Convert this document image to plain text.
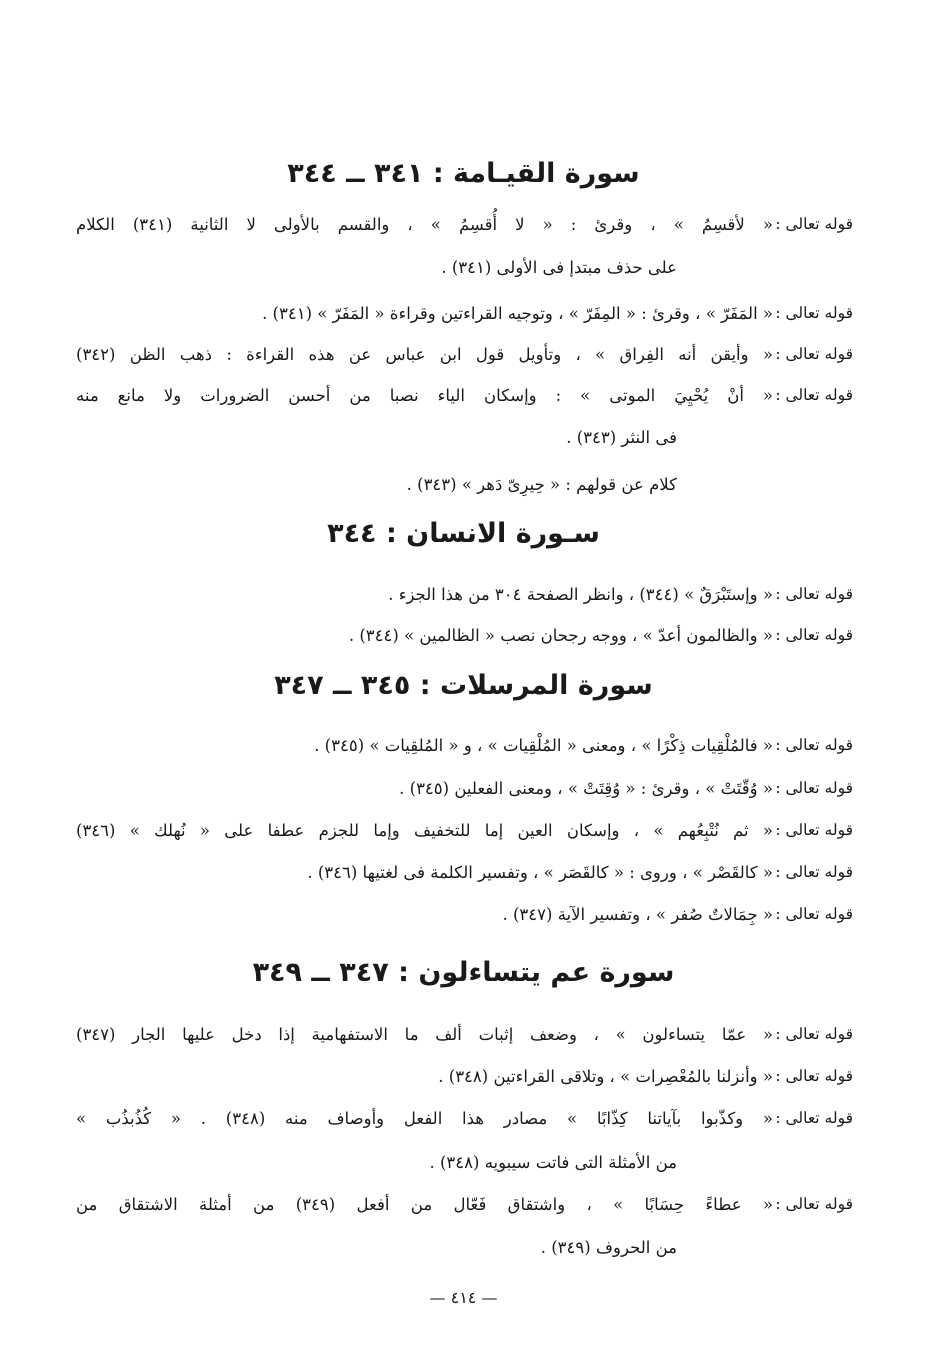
سورة القيـامة : ٣٤١ ــ ٣٤٤
قوله تعالى :
« لأقسِمُ » ، وقرئ : « لا أُقسِمُ » ، والقسم بالأولى لا الثانية (٣٤١) الكلام
على حذف مبتدإ فى الأولى (٣٤١) .
قوله تعالى :
« المَفَرّ » ، وقرئ : « المِفَرّ » ، وتوجيه القراءتين وقراءة « المَفَرّ » (٣٤١) .
قوله تعالى :
« وأيقن أنه الفِراق » ، وتأويل قول ابن عباس عن هذه القراءة : ذهب الظن (٣٤٢)
قوله تعالى :
« أنْ يُحْيِيَ الموتى » : وإسكان الياء نصبا من أحسن الضرورات ولا مانع منه
فى النثر (٣٤٣) .
كلام عن قولهم : « حِيرِىّ دَهر » (٣٤٣) .
سـورة الانسان : ٣٤٤
قوله تعالى :
« وإستَبْرَقٌ » (٣٤٤) ، وانظر الصفحة ٣٠٤ من هذا الجزء .
قوله تعالى :
« والظالمون أعدّ » ، ووجه رجحان نصب « الظالمين » (٣٤٤) .
سورة المرسلات : ٣٤٥ ــ ٣٤٧
قوله تعالى :
« فالمُلْقِيات ذِكْرًا » ، ومعنى « المُلْقِيات » ، و « المُلقِيات » (٣٤٥) .
قوله تعالى :
« وُقّتَتْ » ، وقرئ : « وُقِتَتْ » ، ومعنى الفعلين (٣٤٥) .
قوله تعالى :
« ثم نُتْبِعُهم » ، وإسكان العين إما للتخفيف وإما للجزم عطفا على « نُهلك » (٣٤٦)
قوله تعالى :
« كالقَصْر » ، وروى : « كالقَصَر » ، وتفسير الكلمة فى لغتيها (٣٤٦) .
قوله تعالى :
« جِمَالاتٌ صُفر » ، وتفسير الآية (٣٤٧) .
سورة عم يتساءلون : ٣٤٧ ــ ٣٤٩
قوله تعالى :
« عمّا يتساءلون » ، وضعف إثبات ألف ما الاستفهامية إذا دخل عليها الجار (٣٤٧)
قوله تعالى :
« وأنزلنا بالمُعْصِرات » ، وتلاقى القراءتين (٣٤٨) .
قوله تعالى :
« وكذّبوا بآياتنا كِذّابًا » مصادر هذا الفعل وأوصاف منه (٣٤٨) . « كُذُبذُب »
من الأمثلة التى فاتت سيبويه (٣٤٨) .
قوله تعالى :
« عطاءً حِسَابًا » ، واشتقاق فَعّال من أفعل (٣٤٩) من أمثلة الاشتقاق من
من الحروف (٣٤٩) .
— ٤١٤ —
